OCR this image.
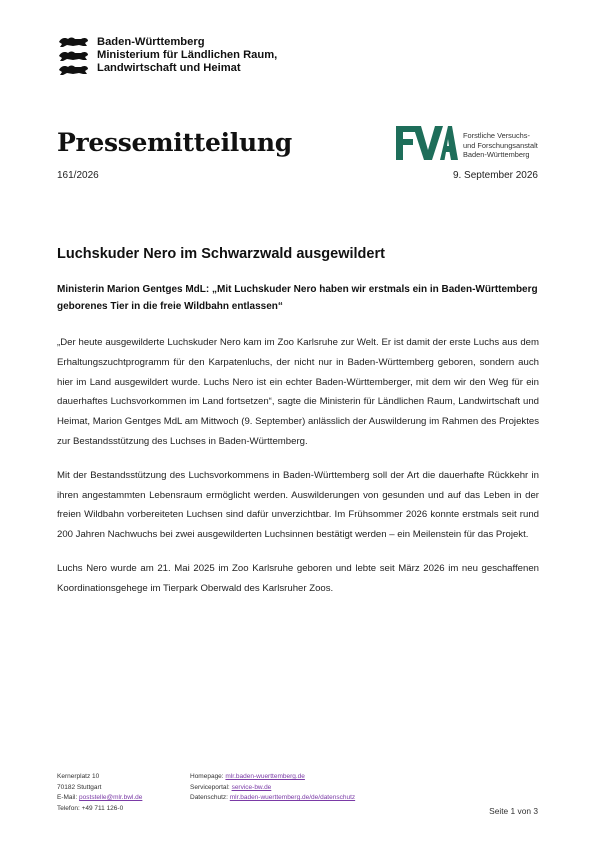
Baden-Württemberg
Ministerium für Ländlichen Raum,
Landwirtschaft und Heimat
Pressemitteilung	Forstliche Versuchs-
und Forschungsanstalt
Baden-Württemberg
161/2026	9. September 2026
Luchskuder Nero im Schwarzwald ausgewildert
Ministerin Marion Gentges MdL: „Mit Luchskuder Nero haben wir erstmals ein in Baden-Württemberg geborenes Tier in die freie Wildbahn entlassen“

„Der heute ausgewilderte Luchskuder Nero kam im Zoo Karlsruhe zur Welt. Er ist damit der erste Luchs aus dem Erhaltungszuchtprogramm für den Karpatenluchs, der nicht nur in Baden-Württemberg geboren, sondern auch hier im Land ausgewildert wurde. Luchs Nero ist ein echter Baden-Württemberger, mit dem wir den Weg für ein dauerhaftes Luchsvorkommen im Land fortsetzen“, sagte die Ministerin für Ländlichen Raum, Landwirtschaft und Heimat, Marion Gentges MdL am Mittwoch (9. September) anlässlich der Auswilderung im Rahmen des Projektes zur Bestandsstützung des Luchses in Baden-Württemberg.

Mit der Bestandsstützung des Luchsvorkommens in Baden-Württemberg soll der Art die dauerhafte Rückkehr in ihren angestammten Lebensraum ermöglicht werden. Auswilderungen von gesunden und auf das Leben in der freien Wildbahn vorbereiteten Luchsen sind dafür unverzichtbar. Im Frühsommer 2026 konnte erstmals seit rund 200 Jahren Nachwuchs bei zwei ausgewilderten Luchsinnen bestätigt werden – ein Meilenstein für das Projekt.

Luchs Nero wurde am 21. Mai 2025 im Zoo Karlsruhe geboren und lebte seit März 2026 im neu geschaffenen Koordinationsgehege im Tierpark Oberwald des Karlsruher Zoos.

Kernerplatz 10
70182 Stuttgart
E-Mail: poststelle@mlr.bwl.de
Telefon: +49 711 126-0
Homepage: mlr.baden-wuerttemberg.de
Serviceportal: service-bw.de
Datenschutz: mlr.baden-wuerttemberg.de/de/datenschutz
Seite 1 von 3
